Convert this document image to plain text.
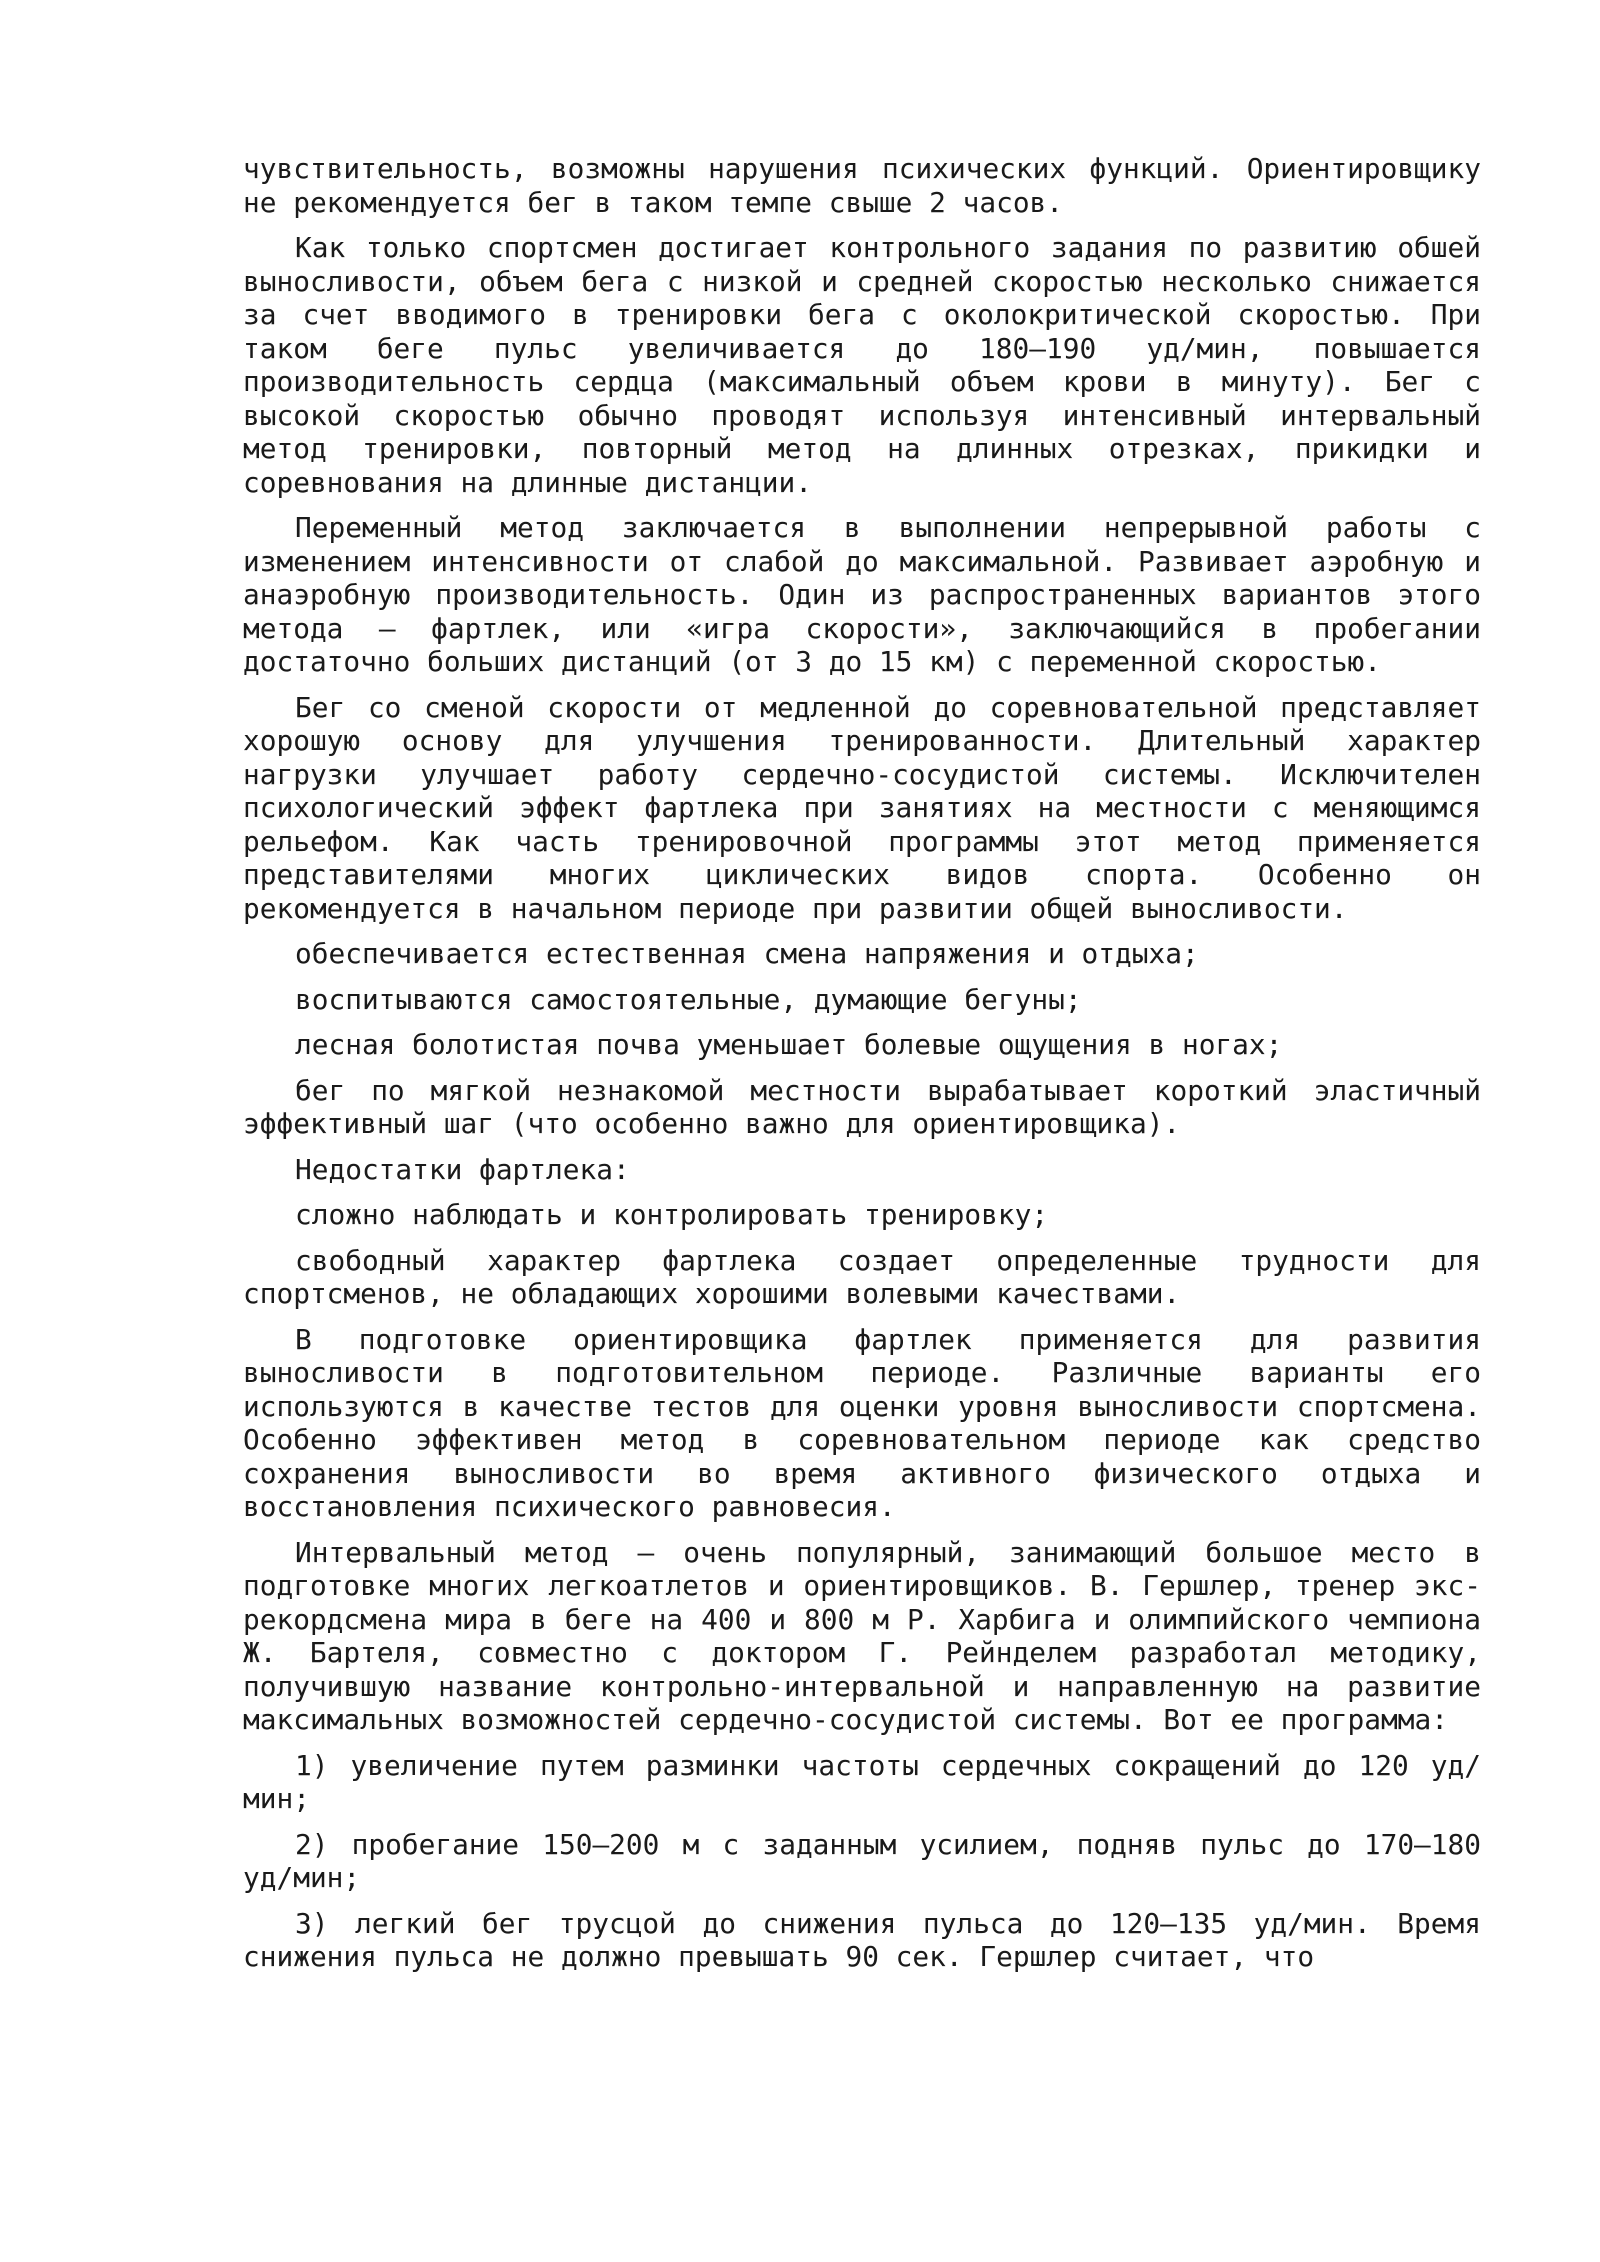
чувствительность, возможны нарушения психических функций. Ориентировщику не рекомендуется бег в таком темпе свыше 2 часов.

Как только спортсмен достигает контрольного задания по развитию обшей выносливости, объем бега с низкой и средней скоростью несколько снижается за счет вводимого в тренировки бега с околокритической скоростью. При таком беге пульс увеличивается до 180—190 уд/мин, повышается производительность сердца (максимальный объем крови в минуту). Бег с высокой скоростью обычно проводят используя интенсивный интервальный метод тренировки, повторный метод на длинных отрезках, прикидки и соревнования на длинные дистанции.

Переменный метод заключается в выполнении непрерывной работы с изменением интенсивности от слабой до максимальной. Развивает аэробную и анаэробную производительность. Один из распространенных вариантов этого метода — фартлек, или «игра скорости», заключающийся в пробегании достаточно больших дистанций (от 3 до 15 км) с переменной скоростью.

Бег со сменой скорости от медленной до соревновательной представляет хорошую основу для улучшения тренированности. Длительный характер нагрузки улучшает работу сердечно-сосудистой системы. Исключителен психологический эффект фартлека при занятиях на местности с меняющимся рельефом. Как часть тренировочной программы этот метод применяется представителями многих циклических видов спорта. Особенно он рекомендуется в начальном периоде при развитии общей выносливости.

обеспечивается естественная смена напряжения и отдыха;

воспитываются самостоятельные, думающие бегуны;

лесная болотистая почва уменьшает болевые ощущения в ногах;

бег по мягкой незнакомой местности вырабатывает короткий эластичный эффективный шаг (что особенно важно для ориентировщика).

Недостатки фартлека:

сложно наблюдать и контролировать тренировку;

свободный характер фартлека создает определенные трудности для спортсменов, не обладающих хорошими волевыми качествами.

В подготовке ориентировщика фартлек применяется для развития выносливости в подготовительном периоде. Различные варианты его используются в качестве тестов для оценки уровня выносливости спортсмена. Особенно эффективен метод в соревновательном периоде как средство сохранения выносливости во время активного физического отдыха и восстановления психического равновесия.

Интервальный метод — очень популярный, занимающий большое место в подготовке многих легкоатлетов и ориентировщиков. В. Гершлер, тренер экс-рекордсмена мира в беге на 400 и 800 м Р. Харбига и олимпийского чемпиона Ж. Бартеля, совместно с доктором Г. Рейнделем разработал методику, получившую название контрольно-интервальной и направленную на развитие максимальных возможностей сердечно-сосудистой системы. Вот ее программа:

1) увеличение путем разминки частоты сердечных сокращений до 120 уд/мин;

2) пробегание 150—200 м с заданным усилием, подняв пульс до 170—180 уд/мин;

3) легкий бег трусцой до снижения пульса до 120—135 уд/мин. Время снижения пульса не должно превышать 90 сек. Гершлер считает, что
